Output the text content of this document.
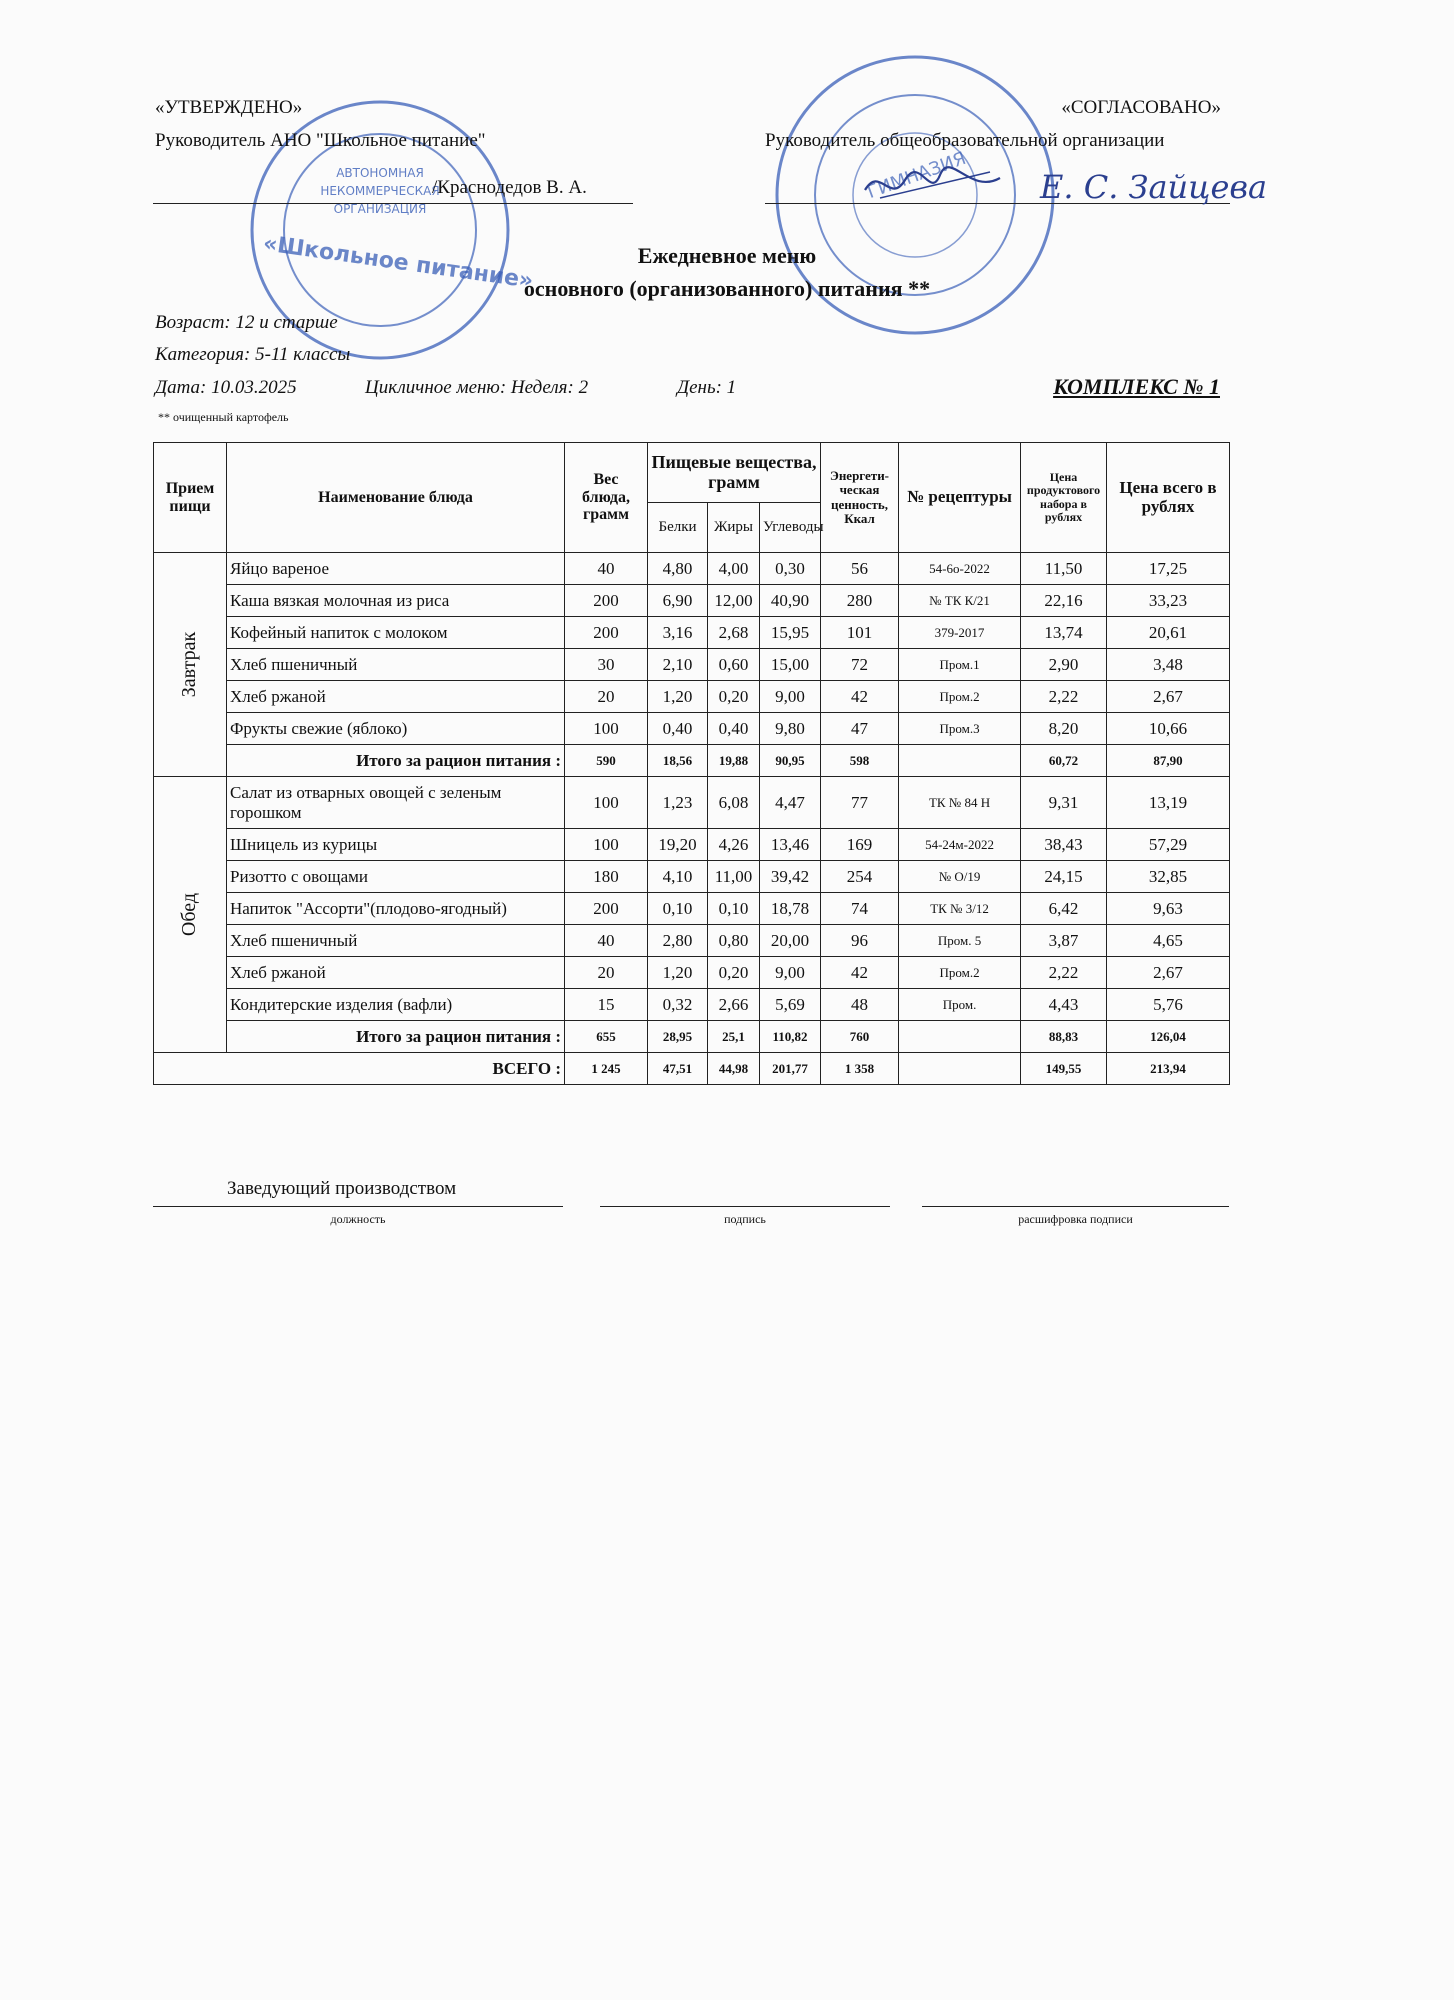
АВТОНОМНАЯ
НЕКОММЕРЧЕСКАЯ
ОРГАНИЗАЦИЯ
«Школьное питание»
ГИМНАЗИЯ
«УТВЕРЖДЕНО»
Руководитель АНО "Школьное питание"
/Краснодедов В. А.
«СОГЛАСОВАНО»
Руководитель общеобразовательной организации
Е. С. Зайцева
Ежедневное меню
основного (организованного) питания **
Возраст: 12 и старше
Категория: 5-11 классы
Дата: 10.03.2025	Цикличное меню: Неделя: 2	День: 1	КОМПЛЕКС № 1
** очищенный картофель
Прием пищи	Наименование блюда	Вес блюда, грамм	Пищевые вещества, грамм			Энергети-ческая ценность, Ккал	№ рецептуры	Цена продуктового набора в рублях	Цена всего в рублях
			Белки	Жиры	Углеводы				
Завтрак	Яйцо вареное	40	4,80	4,00	0,30	56	54-6о-2022	11,50	17,25
	Каша вязкая молочная из риса	200	6,90	12,00	40,90	280	№ ТК К/21	22,16	33,23
	Кофейный напиток с молоком	200	3,16	2,68	15,95	101	379-2017	13,74	20,61
	Хлеб пшеничный	30	2,10	0,60	15,00	72	Пром.1	2,90	3,48
	Хлеб ржаной	20	1,20	0,20	9,00	42	Пром.2	2,22	2,67
	Фрукты свежие (яблоко)	100	0,40	0,40	9,80	47	Пром.3	8,20	10,66
	Итого за рацион питания :	590	18,56	19,88	90,95	598		60,72	87,90
Обед	Салат из отварных овощей с зеленым горошком	100	1,23	6,08	4,47	77	ТК № 84 Н	9,31	13,19
	Шницель из курицы	100	19,20	4,26	13,46	169	54-24м-2022	38,43	57,29
	Ризотто с овощами	180	4,10	11,00	39,42	254	№ О/19	24,15	32,85
	Напиток "Ассорти"(плодово-ягодный)	200	0,10	0,10	18,78	74	ТК № 3/12	6,42	9,63
	Хлеб пшеничный	40	2,80	0,80	20,00	96	Пром. 5	3,87	4,65
	Хлеб ржаной	20	1,20	0,20	9,00	42	Пром.2	2,22	2,67
	Кондитерские изделия (вафли)	15	0,32	2,66	5,69	48	Пром.	4,43	5,76
	Итого за рацион питания :	655	28,95	25,1	110,82	760		88,83	126,04
ВСЕГО :		1 245	47,51	44,98	201,77	1 358		149,55	213,94
Заведующий производством
должность	подпись	расшифровка подписи
